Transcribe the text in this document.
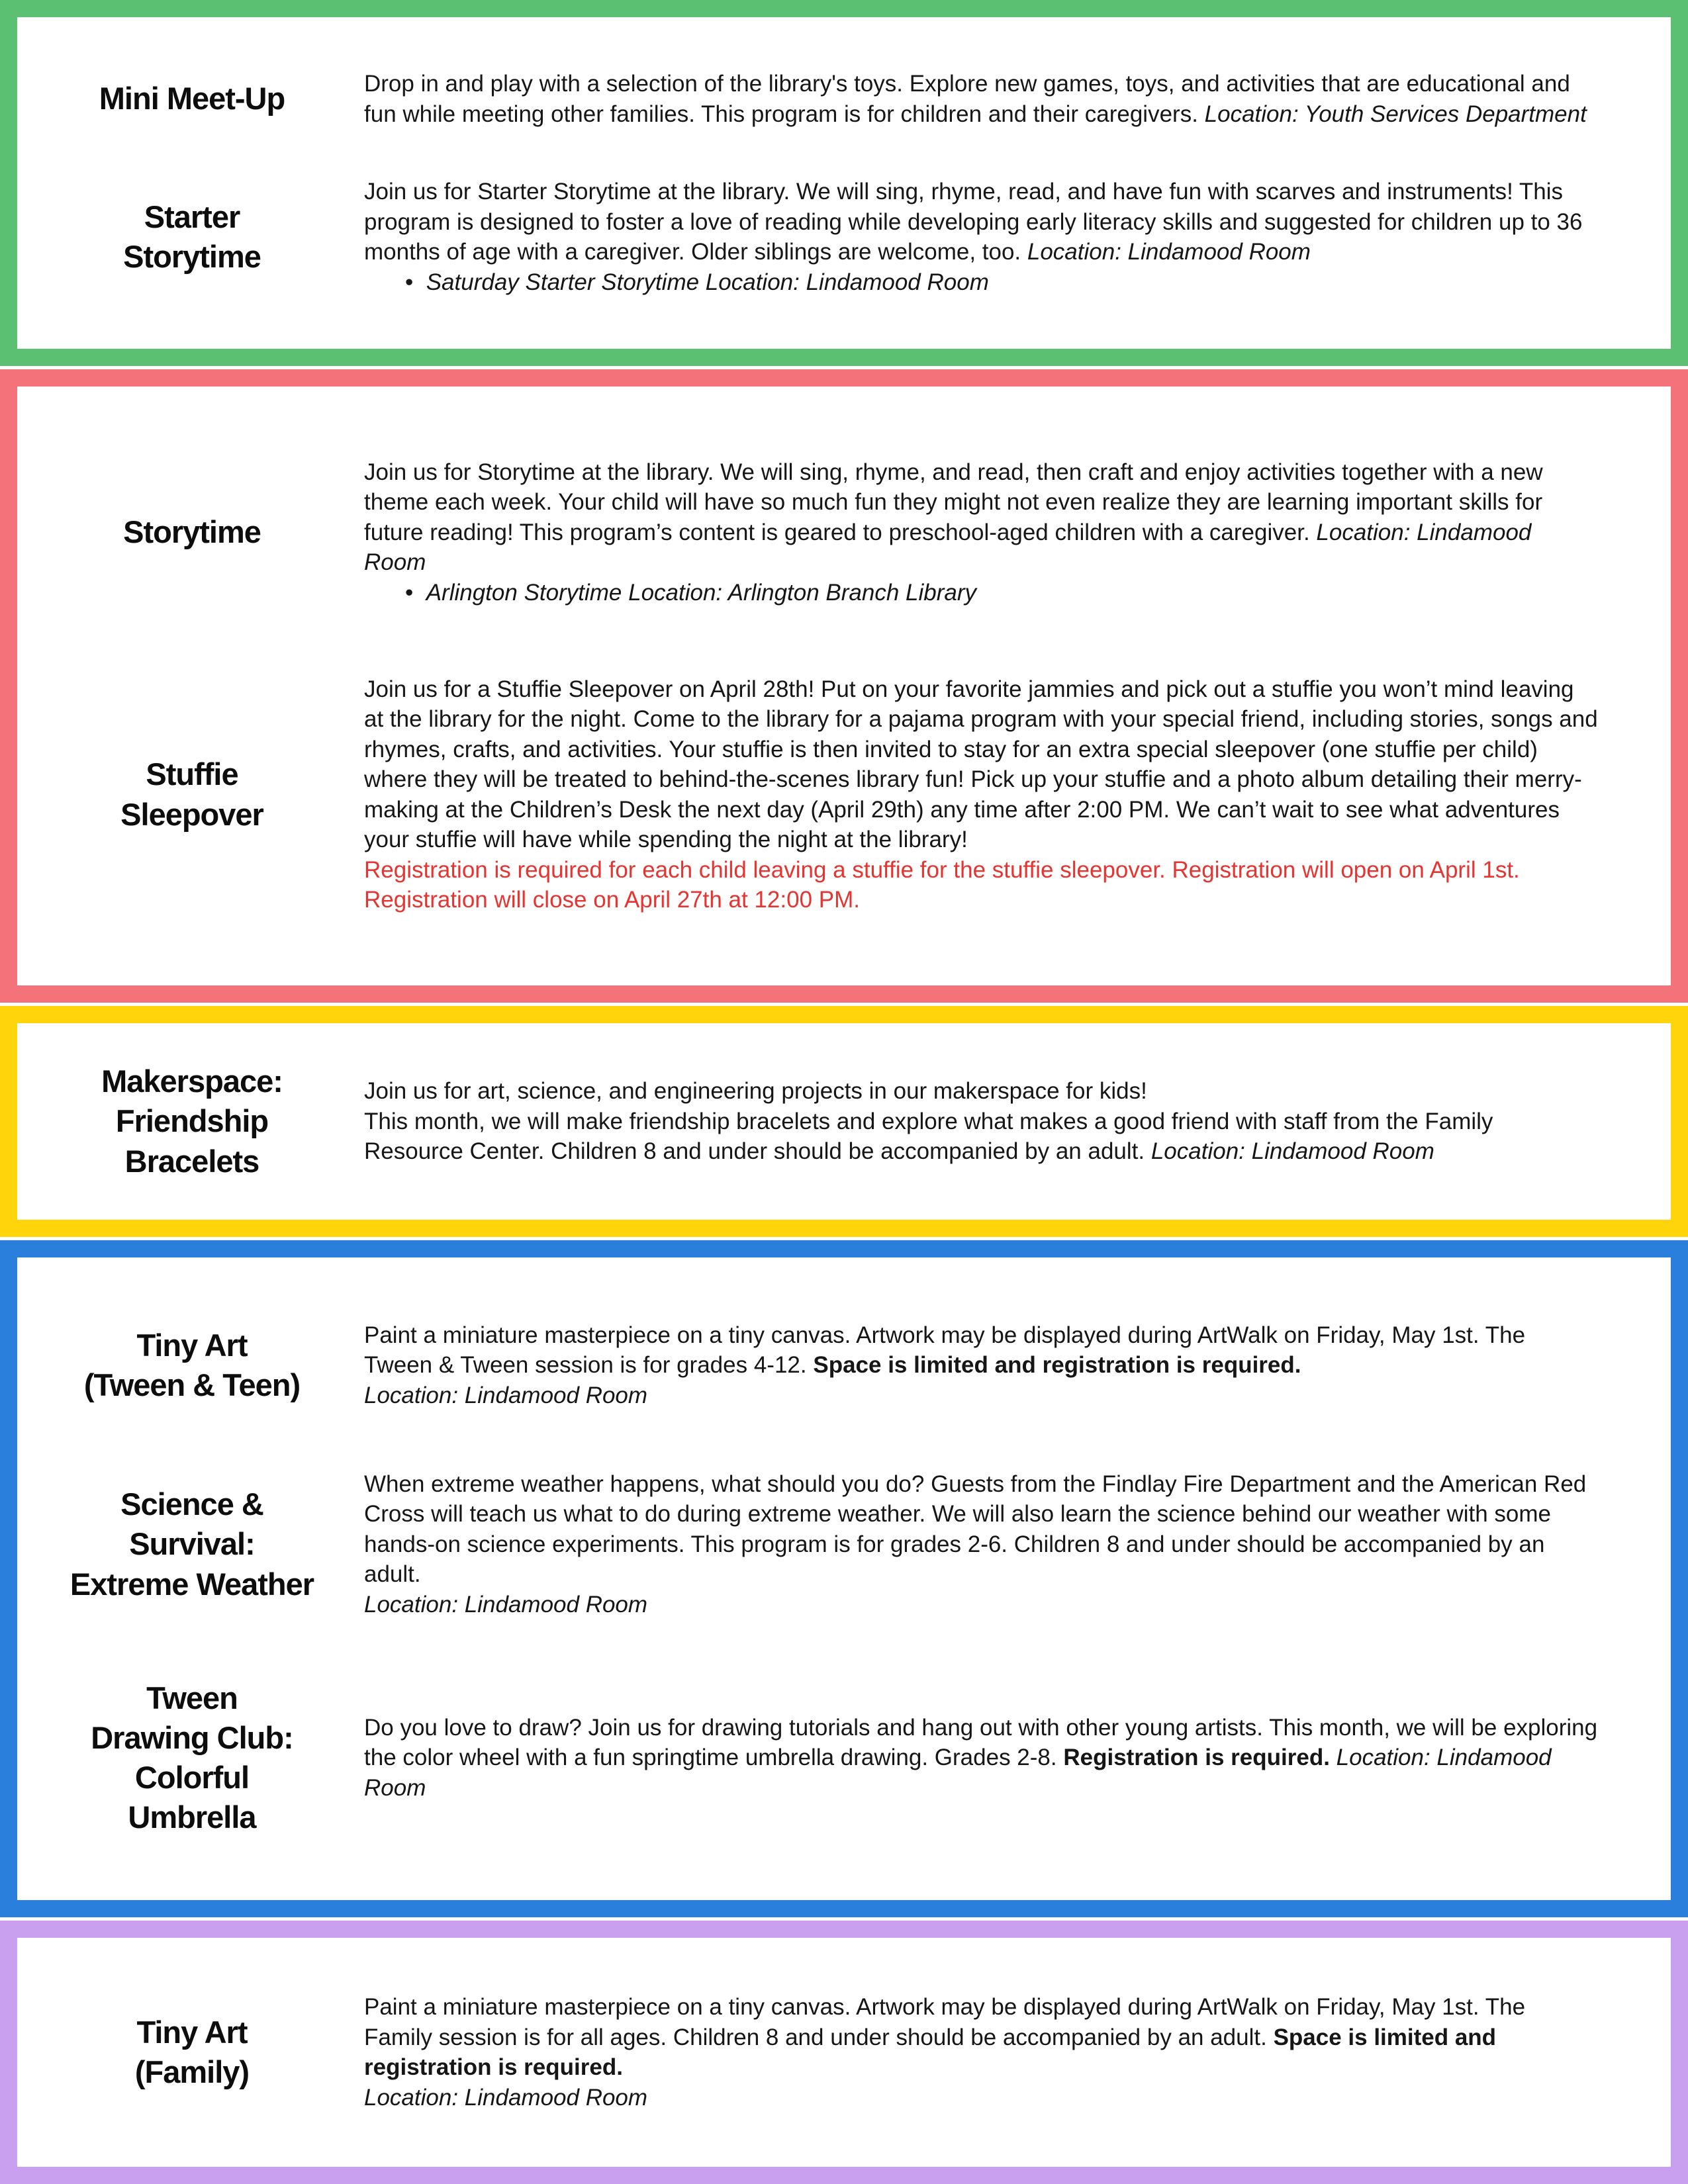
Mini Meet-Up	Drop in and play with a selection of the library's toys. Explore new games, toys, and activities that are educational and fun while meeting other families. This program is for children and their caregivers. Location: Youth Services Department

Starter
Storytime

Join us for Starter Storytime at the library. We will sing, rhyme, read, and have fun with scarves and instruments! This program is designed to foster a love of reading while developing early literacy skills and suggested for children up to 36 months of age with a caregiver. Older siblings are welcome, too. Location: Lindamood Room

•  Saturday Starter Storytime Location: Lindamood Room
Storytime

Join us for Storytime at the library. We will sing, rhyme, and read, then craft and enjoy activities together with a new theme each week. Your child will have so much fun they might not even realize they are learning important skills for future reading! This program’s content is geared to preschool-aged children with a caregiver. Location: Lindamood Room

•  Arlington Storytime Location: Arlington Branch Library
Stuffie
Sleepover

Join us for a Stuffie Sleepover on April 28th! Put on your favorite jammies and pick out a stuffie you won’t mind leaving at the library for the night. Come to the library for a pajama program with your special friend, including stories, songs and rhymes, crafts, and activities. Your stuffie is then invited to stay for an extra special sleepover (one stuffie per child) where they will be treated to behind-the-scenes library fun! Pick up your stuffie and a photo album detailing their merry-making at the Children’s Desk the next day (April 29th) any time after 2:00 PM. We can’t wait to see what adventures your stuffie will have while spending the night at the library!

Registration is required for each child leaving a stuffie for the stuffie sleepover. Registration will open on April 1st. Registration will close on April 27th at 12:00 PM.

Makerspace:
Friendship
Bracelets

Join us for art, science, and engineering projects in our makerspace for kids!

This month, we will make friendship bracelets and explore what makes a good friend with staff from the Family Resource Center. Children 8 and under should be accompanied by an adult. Location: Lindamood Room

Tiny Art
(Tween & Teen)

Paint a miniature masterpiece on a tiny canvas. Artwork may be displayed during ArtWalk on Friday, May 1st. The Tween & Tween session is for grades 4-12. Space is limited and registration is required.

Location: Lindamood Room

Science &
Survival:
Extreme Weather

When extreme weather happens, what should you do? Guests from the Findlay Fire Department and the American Red Cross will teach us what to do during extreme weather. We will also learn the science behind our weather with some hands-on science experiments. This program is for grades 2-6. Children 8 and under should be accompanied by an adult.

Location: Lindamood Room

Tween
Drawing Club:
Colorful
Umbrella

Do you love to draw? Join us for drawing tutorials and hang out with other young artists. This month, we will be exploring the color wheel with a fun springtime umbrella drawing. Grades 2-8. Registration is required. Location: Lindamood Room

Tiny Art
(Family)

Paint a miniature masterpiece on a tiny canvas. Artwork may be displayed during ArtWalk on Friday, May 1st. The Family session is for all ages. Children 8 and under should be accompanied by an adult. Space is limited and registration is required.

Location: Lindamood Room
